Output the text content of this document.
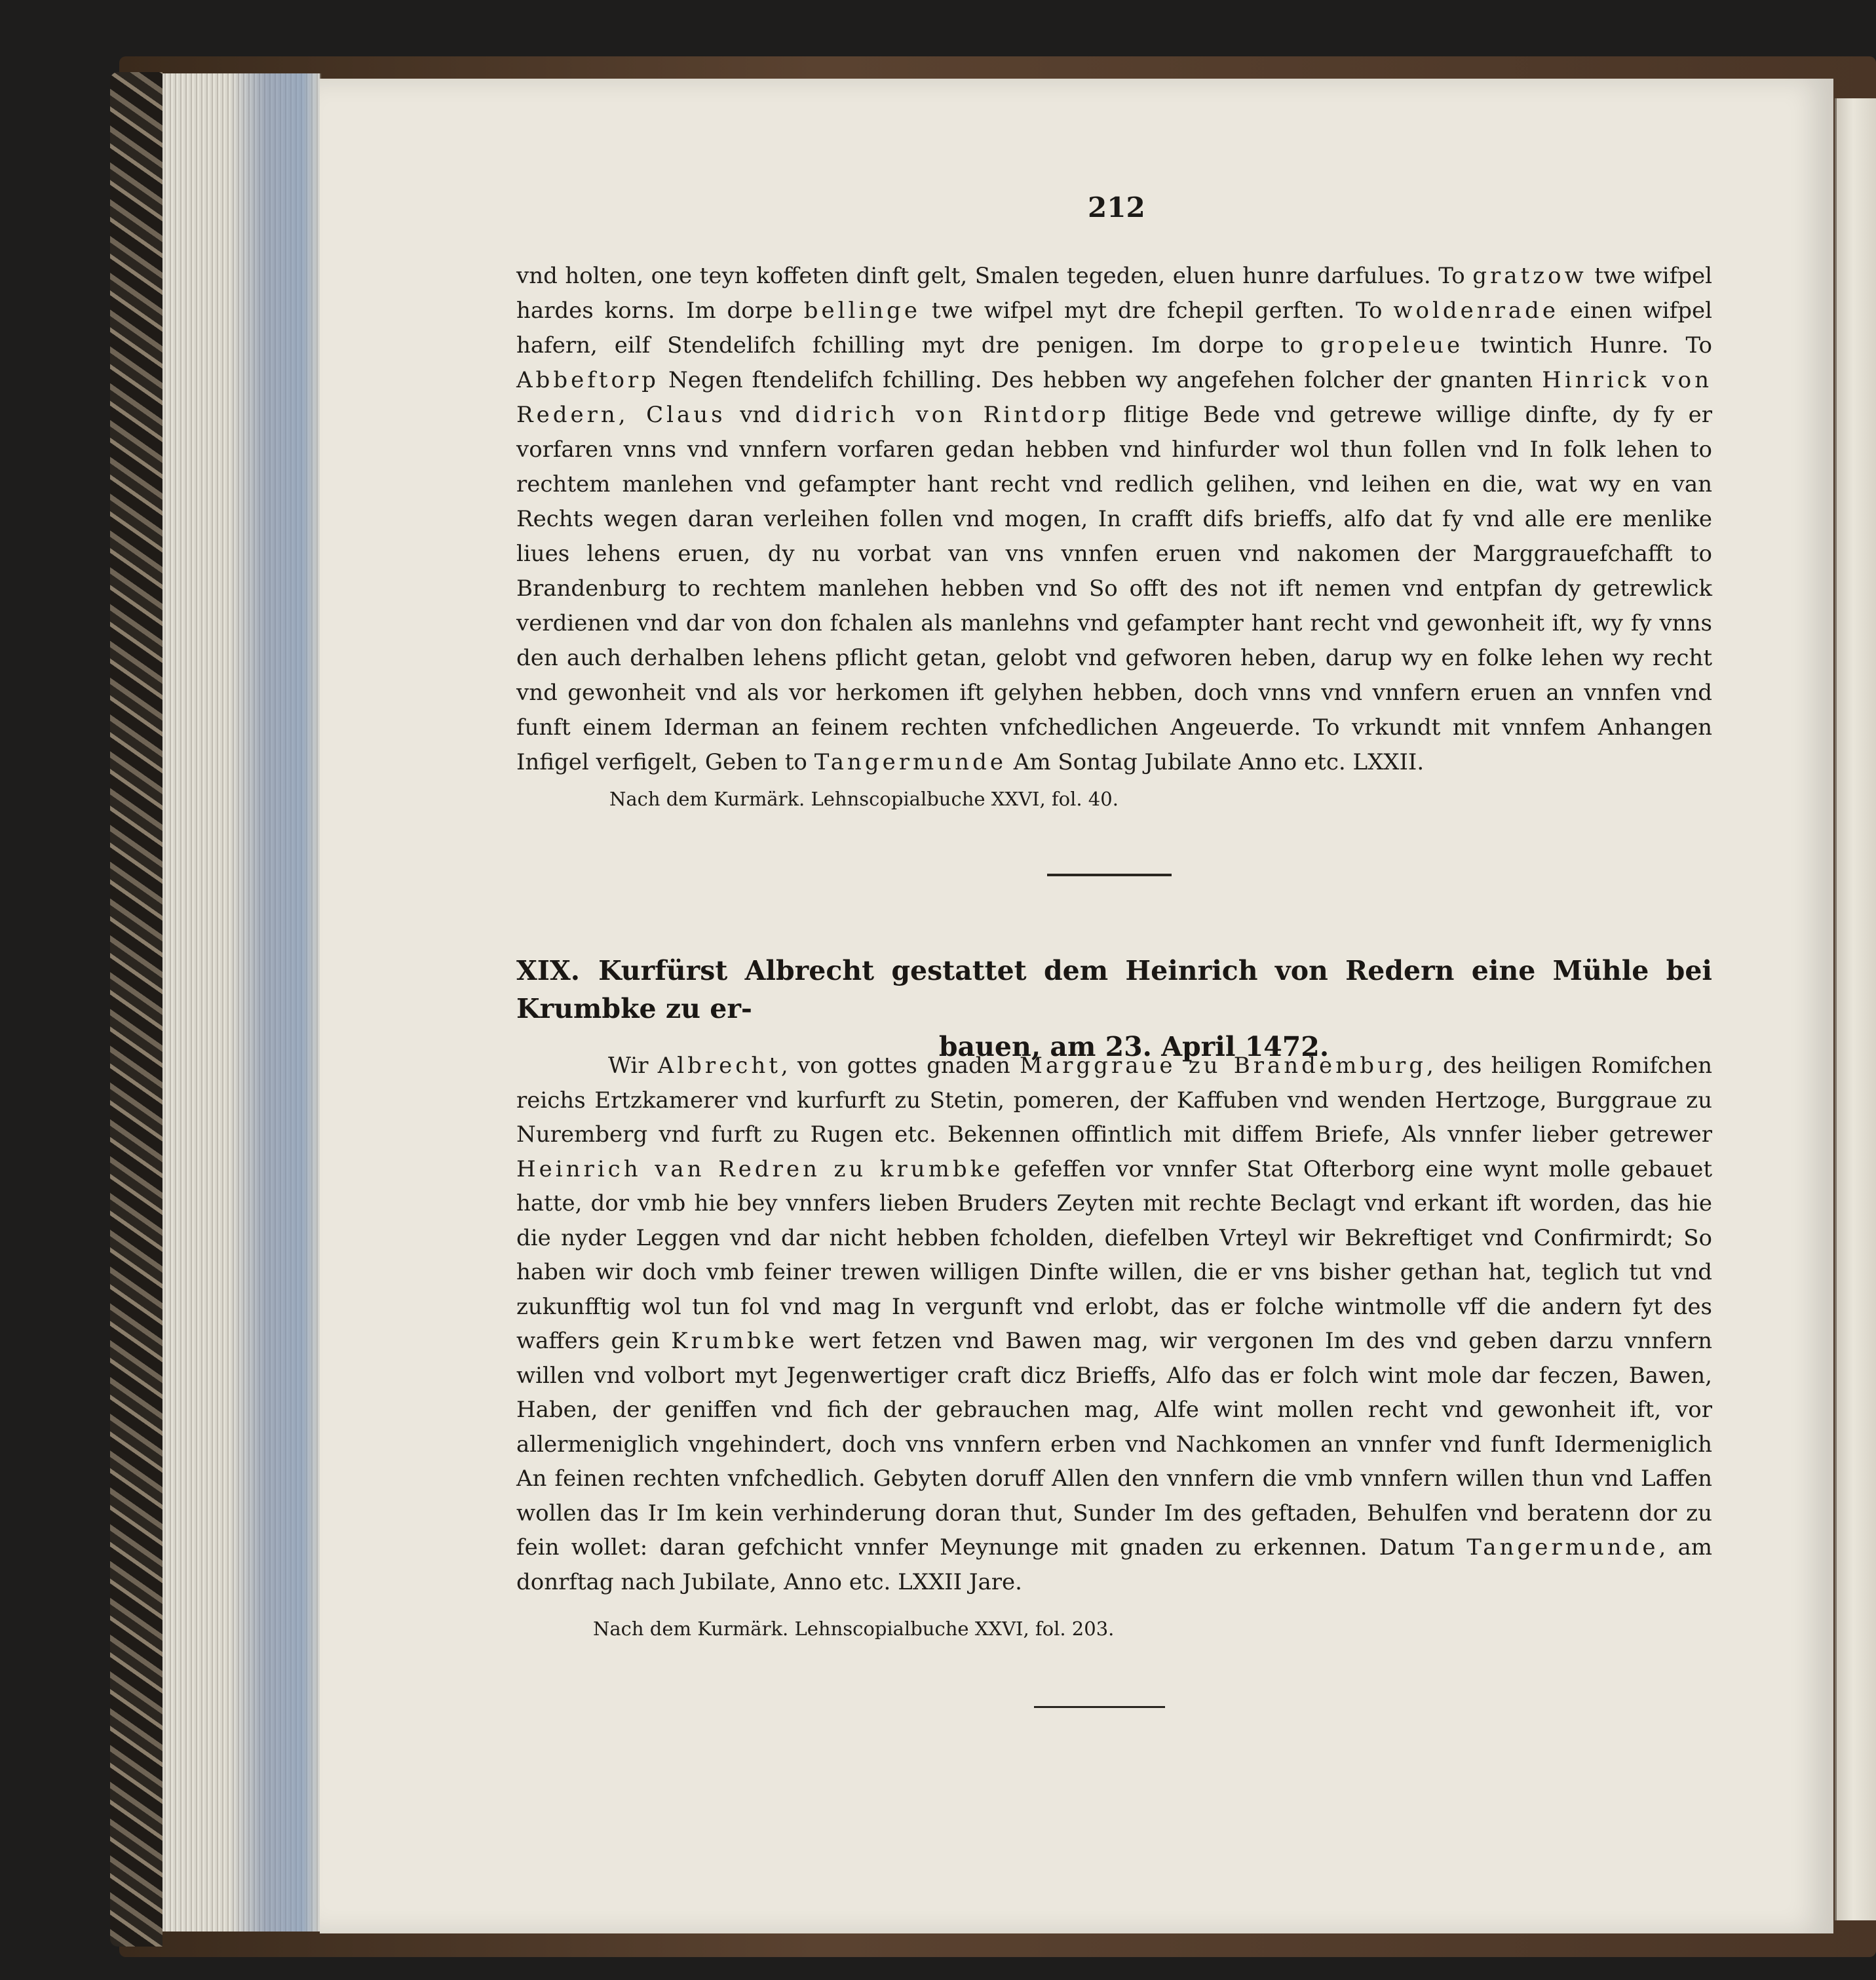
212
vnd holten, one teyn koffeten dinft gelt, Smalen tegeden, eluen hunre darfulues. To gratzow twe wifpel hardes korns. Im dorpe bellinge twe wifpel myt dre fchepil gerften. To woldenrade einen wifpel hafern, eilf Stendelifch fchilling myt dre penigen. Im dorpe to gropeleue twintich Hunre. To Abbeftorp Negen ftendelifch fchilling. Des hebben wy angefehen folcher der gnanten Hinrick von Redern, Claus vnd didrich von Rintdorp flitige Bede vnd getrewe willige dinfte, dy fy er vorfaren vnns vnd vnnfern vorfaren gedan hebben vnd hinfurder wol thun follen vnd In folk lehen to rechtem manlehen vnd gefampter hant recht vnd redlich gelihen, vnd leihen en die, wat wy en van Rechts wegen daran verleihen follen vnd mogen, In crafft difs brieffs, alfo dat fy vnd alle ere menlike liues lehens eruen, dy nu vorbat van vns vnnfen eruen vnd nakomen der Marggrauefchafft to Brandenburg to rechtem manlehen hebben vnd So offt des not ift nemen vnd entpfan dy getrewlick verdienen vnd dar von don fchalen als manlehns vnd gefampter hant recht vnd gewonheit ift, wy fy vnns den auch derhalben lehens pflicht getan, gelobt vnd gefworen heben, darup wy en folke lehen wy recht vnd gewonheit vnd als vor herkomen ift gelyhen hebben, doch vnns vnd vnnfern eruen an vnnfen vnd funft einem Iderman an feinem rechten vnfchedlichen Angeuerde. To vrkundt mit vnnfem Anhangen Infigel verfigelt, Geben to Tangermunde Am Sontag Jubilate Anno etc. LXXII.
Nach dem Kurmärk. Lehnscopialbuche XXVI, fol. 40.
XIX. Kurfürst Albrecht gestattet dem Heinrich von Redern eine Mühle bei Krumbke zu er-
bauen, am 23. April 1472.
Wir Albrecht, von gottes gnaden Marggraue zu Brandemburg, des heiligen Romifchen reichs Ertzkamerer vnd kurfurft zu Stetin, pomeren, der Kaffuben vnd wenden Hertzoge, Burggraue zu Nuremberg vnd furft zu Rugen etc. Bekennen offintlich mit diffem Briefe, Als vnnfer lieber getrewer Heinrich van Redren zu krumbke gefeffen vor vnnfer Stat Ofterborg eine wynt molle gebauet hatte, dor vmb hie bey vnnfers lieben Bruders Zeyten mit rechte Beclagt vnd erkant ift worden, das hie die nyder Leggen vnd dar nicht hebben fcholden, diefelben Vrteyl wir Bekreftiget vnd Confirmirdt; So haben wir doch vmb feiner trewen willigen Dinfte willen, die er vns bisher gethan hat, teglich tut vnd zukunfftig wol tun fol vnd mag In vergunft vnd erlobt, das er folche wintmolle vff die andern fyt des waffers gein Krumbke wert fetzen vnd Bawen mag, wir vergonen Im des vnd geben darzu vnnfern willen vnd volbort myt Jegenwertiger craft dicz Brieffs, Alfo das er folch wint mole dar feczen, Bawen, Haben, der geniffen vnd fich der gebrauchen mag, Alfe wint mollen recht vnd gewonheit ift, vor allermeniglich vngehindert, doch vns vnnfern erben vnd Nachkomen an vnnfer vnd funft Idermeniglich An feinen rechten vnfchedlich. Gebyten doruff Allen den vnnfern die vmb vnnfern willen thun vnd Laffen wollen das Ir Im kein verhinderung doran thut, Sunder Im des geftaden, Behulfen vnd beratenn dor zu fein wollet: daran gefchicht vnnfer Meynunge mit gnaden zu erkennen. Datum Tangermunde, am donrftag nach Jubilate, Anno etc. LXXII Jare.
Nach dem Kurmärk. Lehnscopialbuche XXVI, fol. 203.
